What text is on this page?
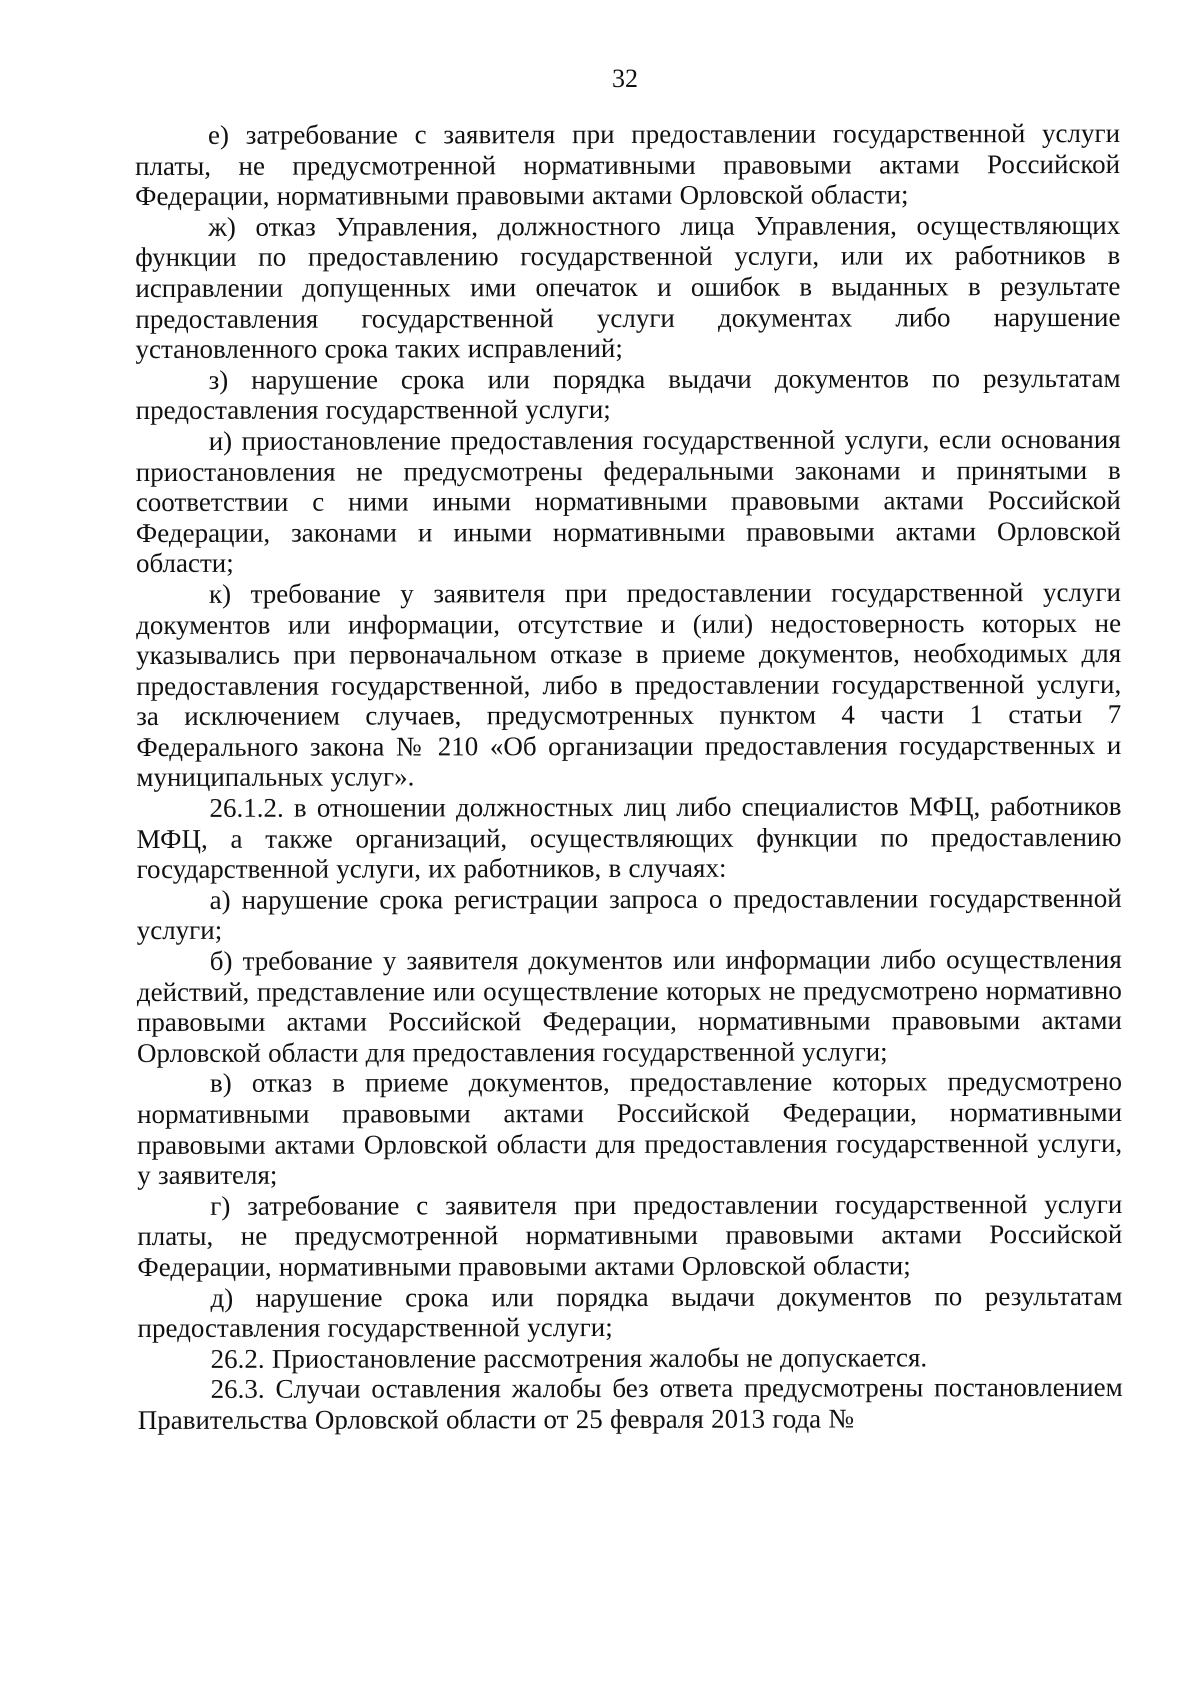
32

е) затребование с заявителя при предоставлении государственной услуги платы, не предусмотренной нормативными правовыми актами Российской Федерации, нормативными правовыми актами Орловской области;

ж) отказ Управления, должностного лица Управления, осуществляющих функции по предоставлению государственной услуги, или их работников в исправлении допущенных ими опечаток и ошибок в выданных в результате предоставления государственной услуги документах либо нарушение установленного срока таких исправлений;

з) нарушение срока или порядка выдачи документов по результатам предоставления государственной услуги;

и) приостановление предоставления государственной услуги, если основания приостановления не предусмотрены федеральными законами и принятыми в соответствии с ними иными нормативными правовыми актами Российской Федерации, законами и иными нормативными правовыми актами Орловской области;

к) требование у заявителя при предоставлении государственной услуги документов или информации, отсутствие и (или) недостоверность которых не указывались при первоначальном отказе в приеме документов, необходимых для предоставления государственной, либо в предоставлении государственной услуги, за исключением случаев, предусмотренных пунктом 4 части 1 статьи 7 Федерального закона № 210 «Об организации предоставления государственных и муниципальных услуг».

26.1.2. в отношении должностных лиц либо специалистов МФЦ, работников МФЦ, а также организаций, осуществляющих функции по предоставлению государственной услуги, их работников, в случаях:

а) нарушение срока регистрации запроса о предоставлении государственной услуги;

б) требование у заявителя документов или информации либо осуществления действий, представление или осуществление которых не предусмотрено нормативно правовыми актами Российской Федерации, нормативными правовыми актами Орловской области для предоставления государственной услуги;

в) отказ в приеме документов, предоставление которых предусмотрено нормативными правовыми актами Российской Федерации, нормативными правовыми актами Орловской области для предоставления государственной услуги, у заявителя;

г) затребование с заявителя при предоставлении государственной услуги платы, не предусмотренной нормативными правовыми актами Российской Федерации, нормативными правовыми актами Орловской области;

д) нарушение срока или порядка выдачи документов по результатам предоставления государственной услуги;

26.2. Приостановление рассмотрения жалобы не допускается.

26.3. Случаи оставления жалобы без ответа предусмотрены постановлением Правительства Орловской области от 25 февраля 2013 года №
